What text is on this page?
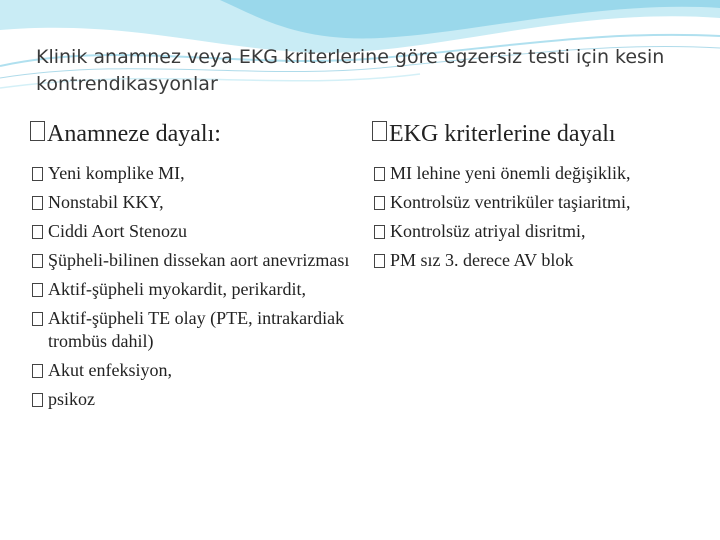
Klinik anamnez veya EKG kriterlerine göre egzersiz testi için kesin kontrendikasyonlar
Anamneze dayalı:
Yeni komplike MI,
Nonstabil KKY,
Ciddi Aort Stenozu
Şüpheli-bilinen dissekan aort anevrizması
Aktif-şüpheli myokardit, perikardit,
Aktif-şüpheli TE olay (PTE, intrakardiak trombüs dahil)
Akut enfeksiyon,
psikoz
EKG kriterlerine dayalı
MI lehine yeni önemli değişiklik,
Kontrolsüz ventriküler taşiaritmi,
Kontrolsüz atriyal disritmi,
PM sız 3. derece AV blok
